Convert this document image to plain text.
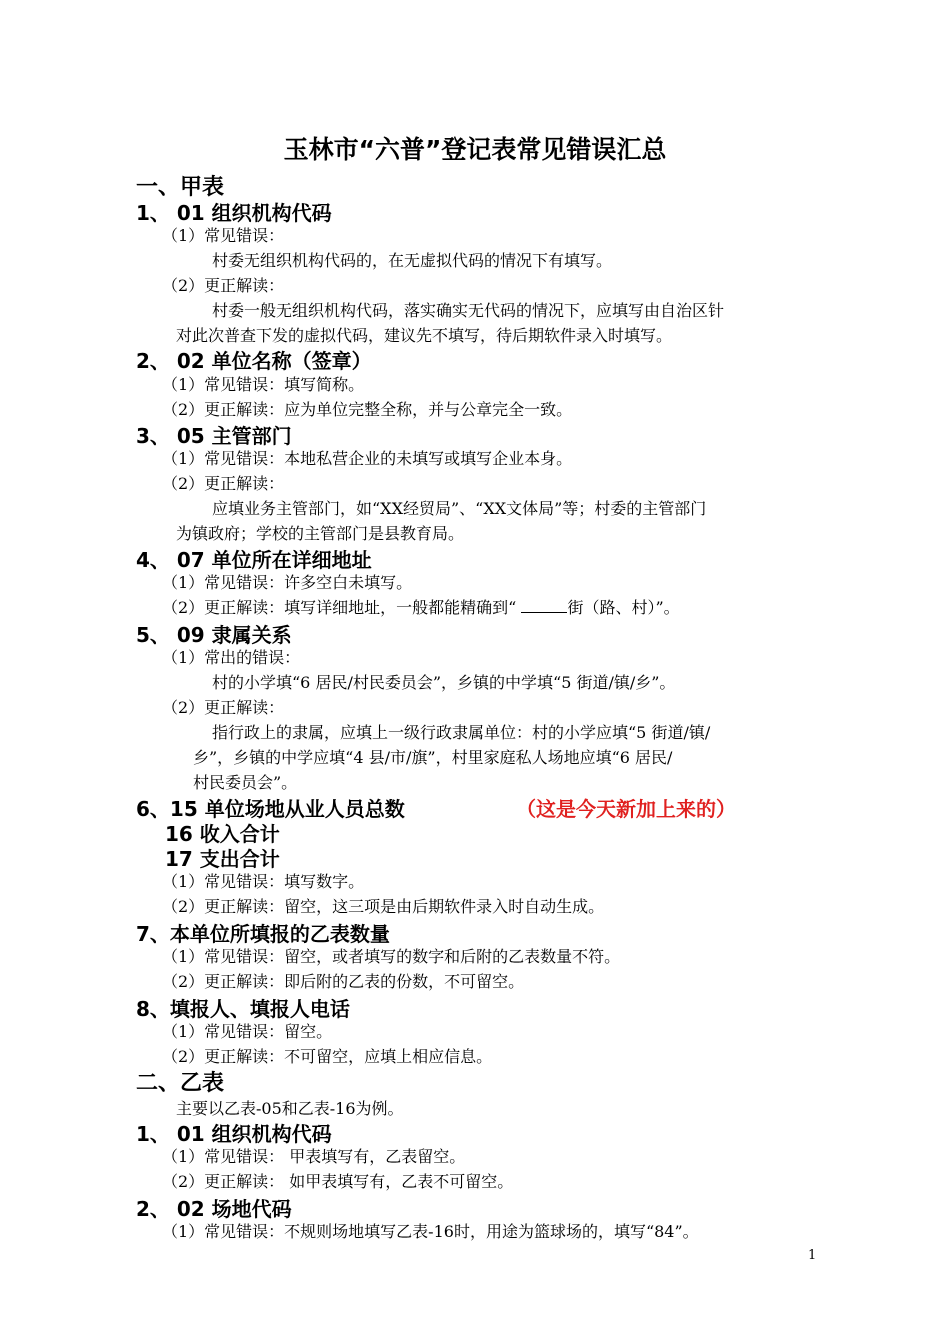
玉林市“六普”登记表常见错误汇总
一、甲表
1、 01 组织机构代码
（1）常见错误：
村委无组织机构代码的，在无虚拟代码的情况下有填写。
（2）更正解读：
村委一般无组织机构代码，落实确实无代码的情况下，应填写由自治区针
对此次普查下发的虚拟代码，建议先不填写，待后期软件录入时填写。
2、 02 单位名称（签章）
（1）常见错误：填写简称。
（2）更正解读：应为单位完整全称，并与公章完全一致。
3、 05 主管部门
（1）常见错误：本地私营企业的未填写或填写企业本身。
（2）更正解读：
应填业务主管部门，如“XX经贸局”、“XX文体局”等；村委的主管部门
为镇政府；学校的主管部门是县教育局。
4、 07 单位所在详细地址
（1）常见错误：许多空白未填写。
（2）更正解读：填写详细地址，一般都能精确到“	街（路、村）”。
5、 09 隶属关系
（1）常出的错误：
村的小学填“6 居民/村民委员会”，乡镇的中学填“5 街道/镇/乡”。
（2）更正解读：
指行政上的隶属，应填上一级行政隶属单位：村的小学应填“5 街道/镇/
乡”，乡镇的中学应填“4 县/市/旗”，村里家庭私人场地应填“6 居民/
村民委员会”。
6、15 单位场地从业人员总数	（这是今天新加上来的）
16 收入合计
17 支出合计
（1）常见错误：填写数字。
（2）更正解读：留空，这三项是由后期软件录入时自动生成。
7、本单位所填报的乙表数量
（1）常见错误：留空，或者填写的数字和后附的乙表数量不符。
（2）更正解读：即后附的乙表的份数，不可留空。
8、填报人、填报人电话
（1）常见错误：留空。
（2）更正解读：不可留空，应填上相应信息。
二、乙表
主要以乙表-05和乙表-16为例。
1、 01 组织机构代码
（1）常见错误： 甲表填写有，乙表留空。
（2）更正解读： 如甲表填写有，乙表不可留空。
2、 02 场地代码
（1）常见错误：不规则场地填写乙表-16时，用途为篮球场的，填写“84”。
1
